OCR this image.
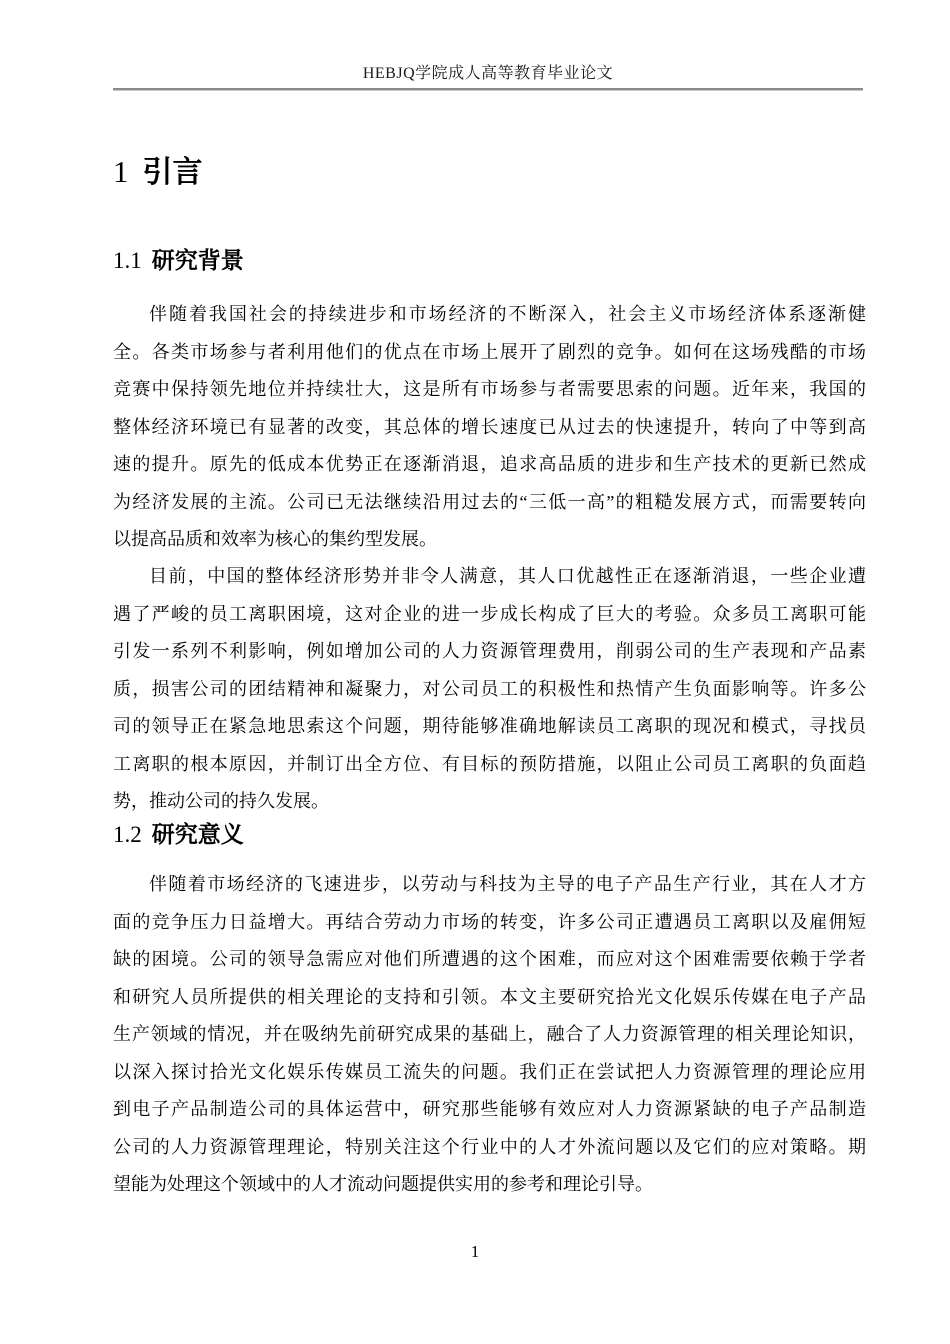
HEBJQ学院成人高等教育毕业论文
1 引言
1.1 研究背景
伴随着我国社会的持续进步和市场经济的不断深入，社会主义市场经济体系逐渐健
全。各类市场参与者利用他们的优点在市场上展开了剧烈的竞争。如何在这场残酷的市场
竞赛中保持领先地位并持续壮大，这是所有市场参与者需要思索的问题。近年来，我国的
整体经济环境已有显著的改变，其总体的增长速度已从过去的快速提升，转向了中等到高
速的提升。原先的低成本优势正在逐渐消退，追求高品质的进步和生产技术的更新已然成
为经济发展的主流。公司已无法继续沿用过去的“三低一高”的粗糙发展方式，而需要转向
以提高品质和效率为核心的集约型发展。
目前，中国的整体经济形势并非令人满意，其人口优越性正在逐渐消退，一些企业遭
遇了严峻的员工离职困境，这对企业的进一步成长构成了巨大的考验。众多员工离职可能
引发一系列不利影响，例如增加公司的人力资源管理费用，削弱公司的生产表现和产品素
质，损害公司的团结精神和凝聚力，对公司员工的积极性和热情产生负面影响等。许多公
司的领导正在紧急地思索这个问题，期待能够准确地解读员工离职的现况和模式，寻找员
工离职的根本原因，并制订出全方位、有目标的预防措施，以阻止公司员工离职的负面趋
势，推动公司的持久发展。
1.2 研究意义
伴随着市场经济的飞速进步，以劳动与科技为主导的电子产品生产行业，其在人才方
面的竞争压力日益增大。再结合劳动力市场的转变，许多公司正遭遇员工离职以及雇佣短
缺的困境。公司的领导急需应对他们所遭遇的这个困难，而应对这个困难需要依赖于学者
和研究人员所提供的相关理论的支持和引领。本文主要研究拾光文化娱乐传媒在电子产品
生产领域的情况，并在吸纳先前研究成果的基础上，融合了人力资源管理的相关理论知识，
以深入探讨拾光文化娱乐传媒员工流失的问题。我们正在尝试把人力资源管理的理论应用
到电子产品制造公司的具体运营中，研究那些能够有效应对人力资源紧缺的电子产品制造
公司的人力资源管理理论，特别关注这个行业中的人才外流问题以及它们的应对策略。期
望能为处理这个领域中的人才流动问题提供实用的参考和理论引导。
1
